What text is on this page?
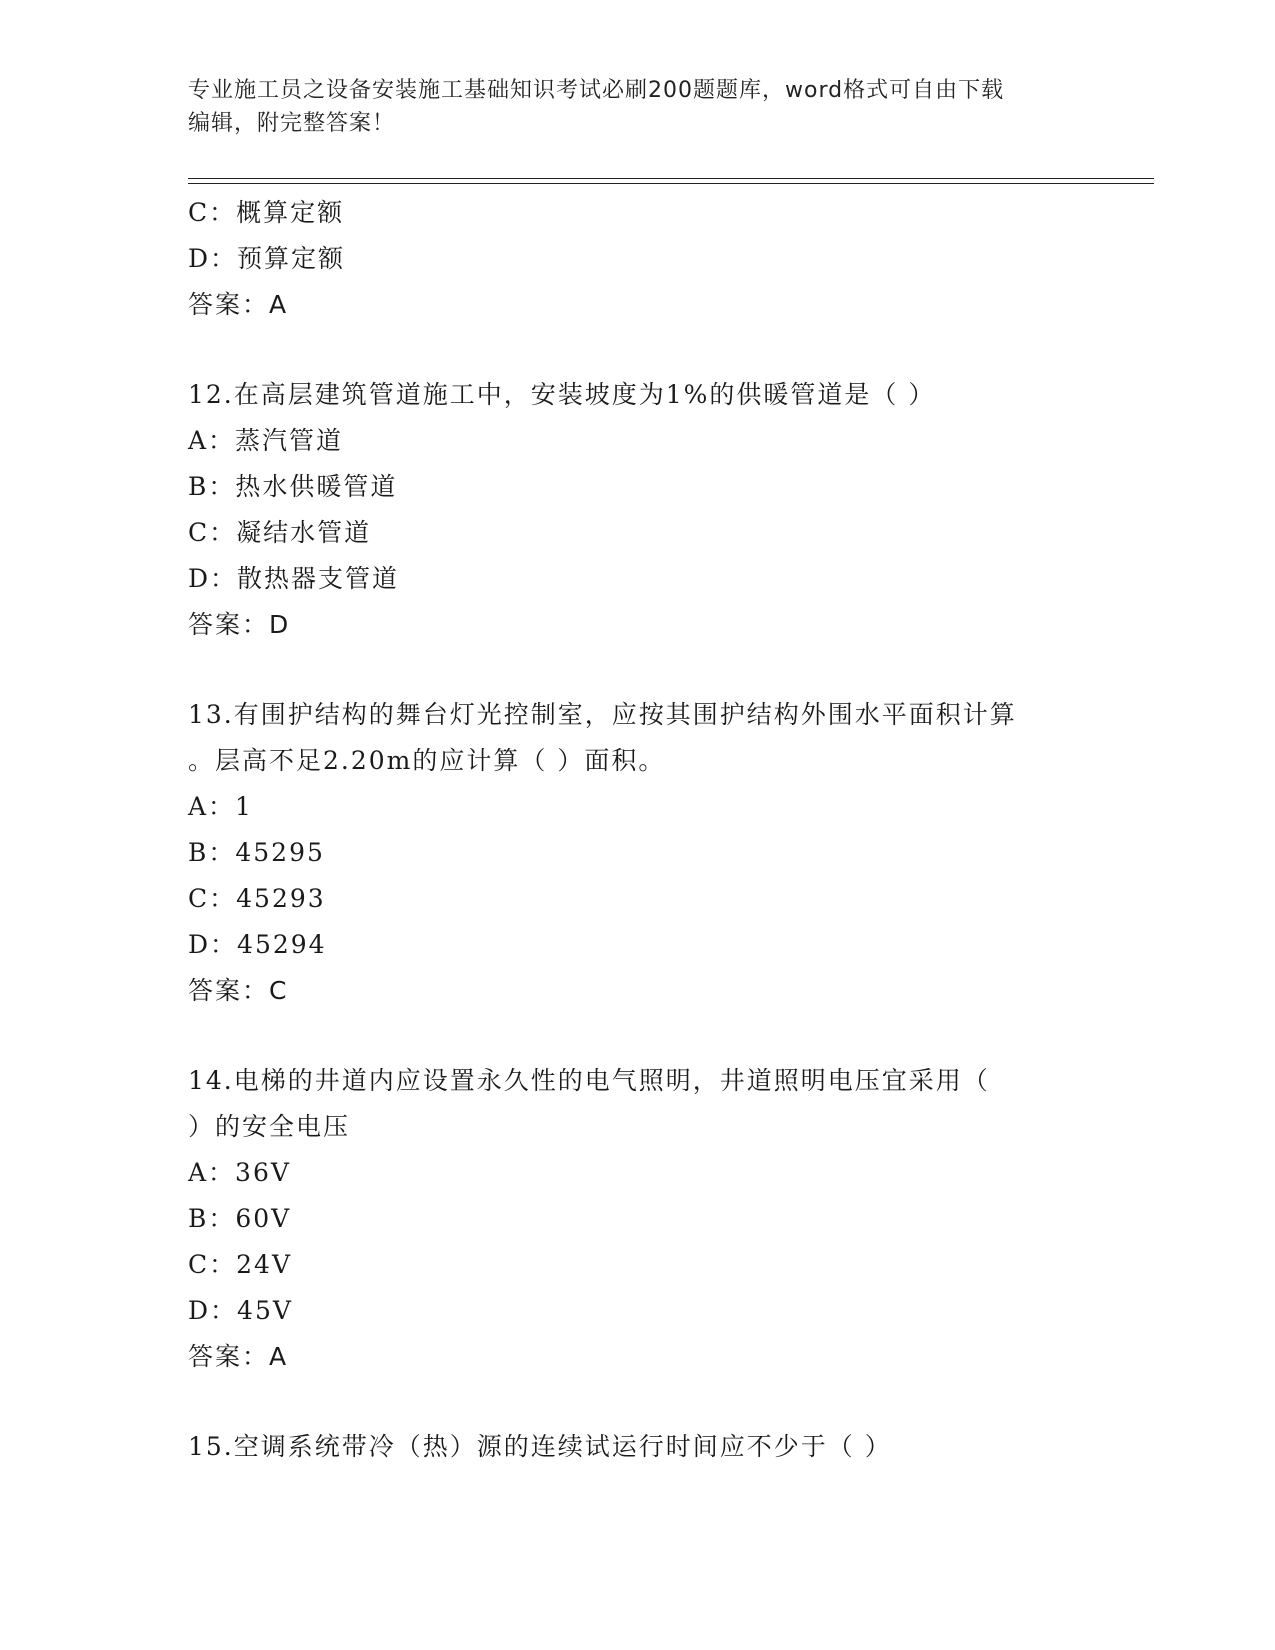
专业施工员之设备安装施工基础知识考试必刷200题题库，word格式可自由下载
编辑，附完整答案！
C：概算定额
D：预算定额
答案：A
12.在高层建筑管道施工中，安装坡度为1%的供暖管道是（ ）
A：蒸汽管道
B：热水供暖管道
C：凝结水管道
D：散热器支管道
答案：D
13.有围护结构的舞台灯光控制室，应按其围护结构外围水平面积计算
。层高不足2.20m的应计算（ ）面积。
A：1
B：45295
C：45293
D：45294
答案：C
14.电梯的井道内应设置永久性的电气照明，井道照明电压宜采用（
）的安全电压
A：36V
B：60V
C：24V
D：45V
答案：A
15.空调系统带冷（热）源的连续试运行时间应不少于（ ）
